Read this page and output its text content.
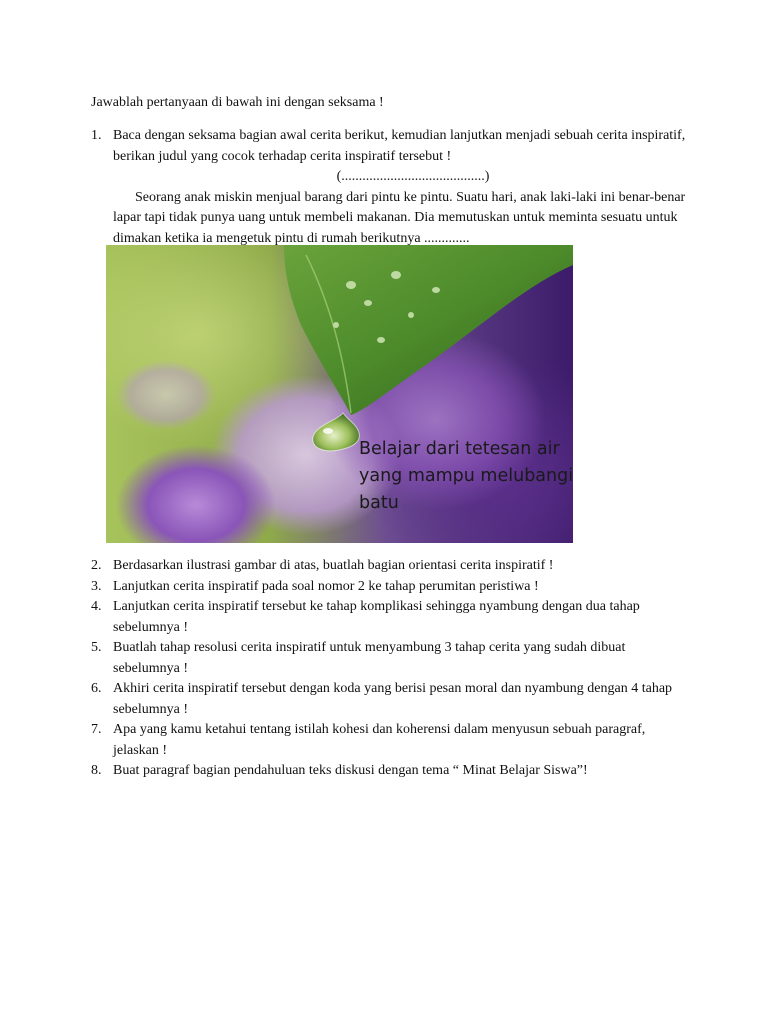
Jawablah pertanyaan di bawah ini dengan seksama !
1. Baca dengan seksama bagian awal cerita berikut, kemudian lanjutkan menjadi sebuah cerita inspiratif, berikan judul yang cocok terhadap cerita inspiratif tersebut !
(.........................................)
Seorang anak miskin menjual barang dari pintu ke pintu. Suatu hari, anak laki-laki ini benar-benar lapar tapi tidak punya uang untuk membeli makanan. Dia memutuskan untuk meminta sesuatu untuk dimakan ketika ia mengetuk pintu di rumah berikutnya .............
Belajar dari tetesan air
yang mampu melubangi
batu
2. Berdasarkan ilustrasi gambar di atas, buatlah bagian orientasi cerita inspiratif !
3. Lanjutkan cerita inspiratif pada soal nomor 2 ke tahap perumitan peristiwa !
4. Lanjutkan cerita inspiratif tersebut ke tahap komplikasi sehingga nyambung dengan dua tahap sebelumnya !
5. Buatlah tahap resolusi cerita inspiratif untuk menyambung 3 tahap cerita yang sudah dibuat sebelumnya !
6. Akhiri cerita inspiratif tersebut dengan koda yang berisi pesan moral dan nyambung dengan 4 tahap sebelumnya !
7. Apa yang kamu ketahui tentang istilah kohesi dan koherensi dalam menyusun sebuah paragraf, jelaskan !
8. Buat paragraf bagian pendahuluan teks diskusi dengan tema “ Minat Belajar Siswa”!
